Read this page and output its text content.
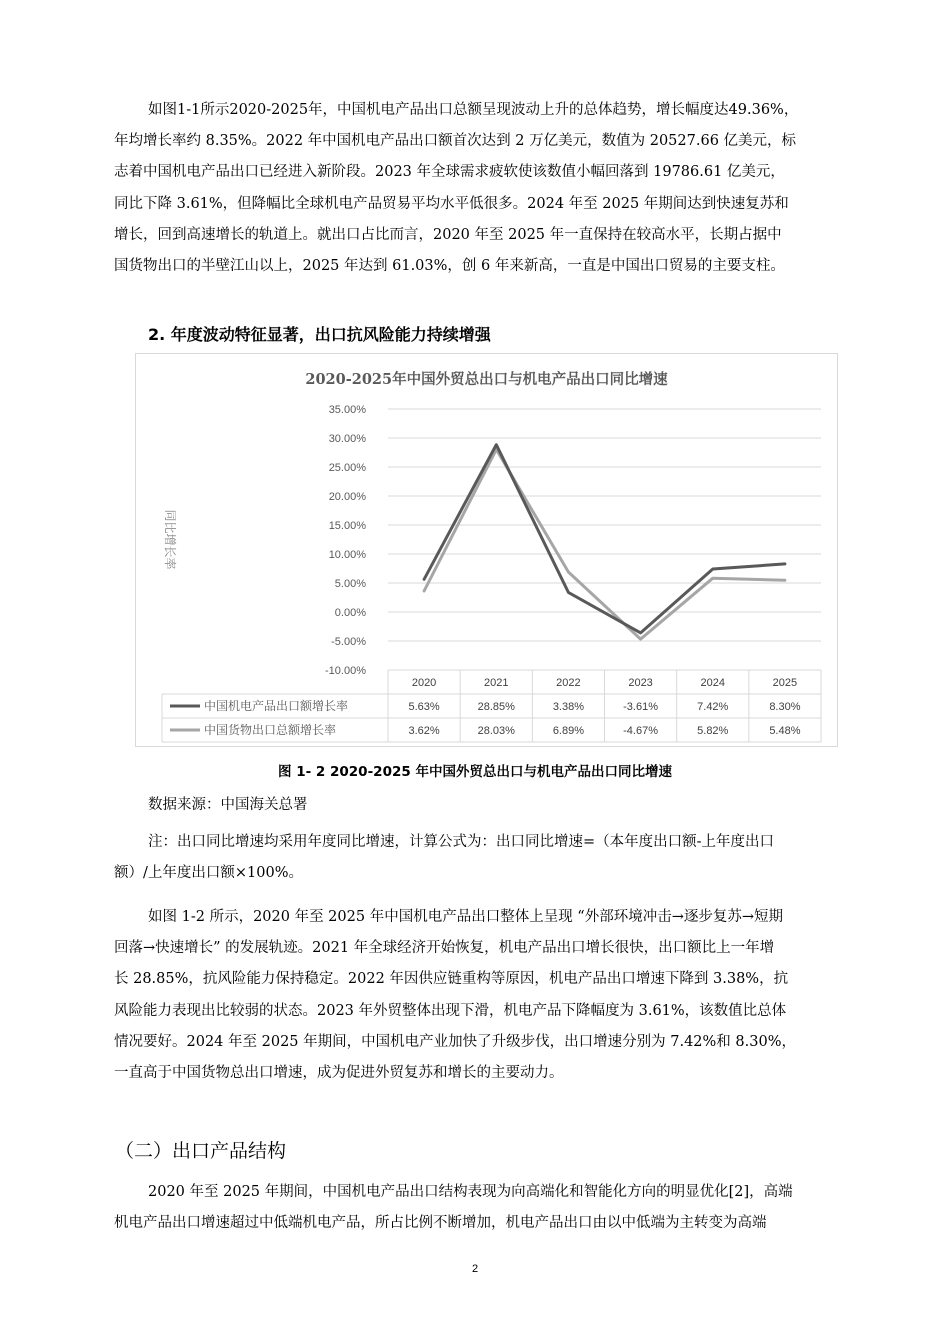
如图1-1所示2020-2025年，中国机电产品出口总额呈现波动上升的总体趋势，增长幅度达49.36%，
年均增长率约 8.35%。2022 年中国机电产品出口额首次达到 2 万亿美元，数值为 20527.66 亿美元，标
志着中国机电产品出口已经进入新阶段。2023 年全球需求疲软使该数值小幅回落到 19786.61 亿美元，
同比下降 3.61%，但降幅比全球机电产品贸易平均水平低很多。2024 年至 2025 年期间达到快速复苏和
增长，回到高速增长的轨道上。就出口占比而言，2020 年至 2025 年一直保持在较高水平，长期占据中
国货物出口的半壁江山以上，2025 年达到 61.03%，创 6 年来新高，一直是中国出口贸易的主要支柱。
2. 年度波动特征显著，出口抗风险能力持续增强
2020-2025年中国外贸总出口与机电产品出口同比增速
35.00%
30.00%
25.00%
20.00%
15.00%
10.00%
5.00%
0.00%
-5.00%
-10.00%
同比增长率
2020	2021	2022	2023	2024	2025
中国机电产品出口额增长率	5.63%	28.85%	3.38%	-3.61%	7.42%	8.30%
中国货物出口总额增长率	3.62%	28.03%	6.89%	-4.67%	5.82%	5.48%
图 1- 2 2020-2025 年中国外贸总出口与机电产品出口同比增速
数据来源：中国海关总署
注：出口同比增速均采用年度同比增速，计算公式为：出口同比增速=（本年度出口额-上年度出口
额）/上年度出口额×100%。
如图 1-2 所示，2020 年至 2025 年中国机电产品出口整体上呈现 “外部环境冲击→逐步复苏→短期
回落→快速增长” 的发展轨迹。2021 年全球经济开始恢复，机电产品出口增长很快，出口额比上一年增
长 28.85%，抗风险能力保持稳定。2022 年因供应链重构等原因，机电产品出口增速下降到 3.38%，抗
风险能力表现出比较弱的状态。2023 年外贸整体出现下滑，机电产品下降幅度为 3.61%，该数值比总体
情况要好。2024 年至 2025 年期间，中国机电产业加快了升级步伐，出口增速分别为 7.42%和 8.30%，
一直高于中国货物总出口增速，成为促进外贸复苏和增长的主要动力。
（二）出口产品结构
2020 年至 2025 年期间，中国机电产品出口结构表现为向高端化和智能化方向的明显优化[2]，高端
机电产品出口增速超过中低端机电产品，所占比例不断增加，机电产品出口由以中低端为主转变为高端
2
